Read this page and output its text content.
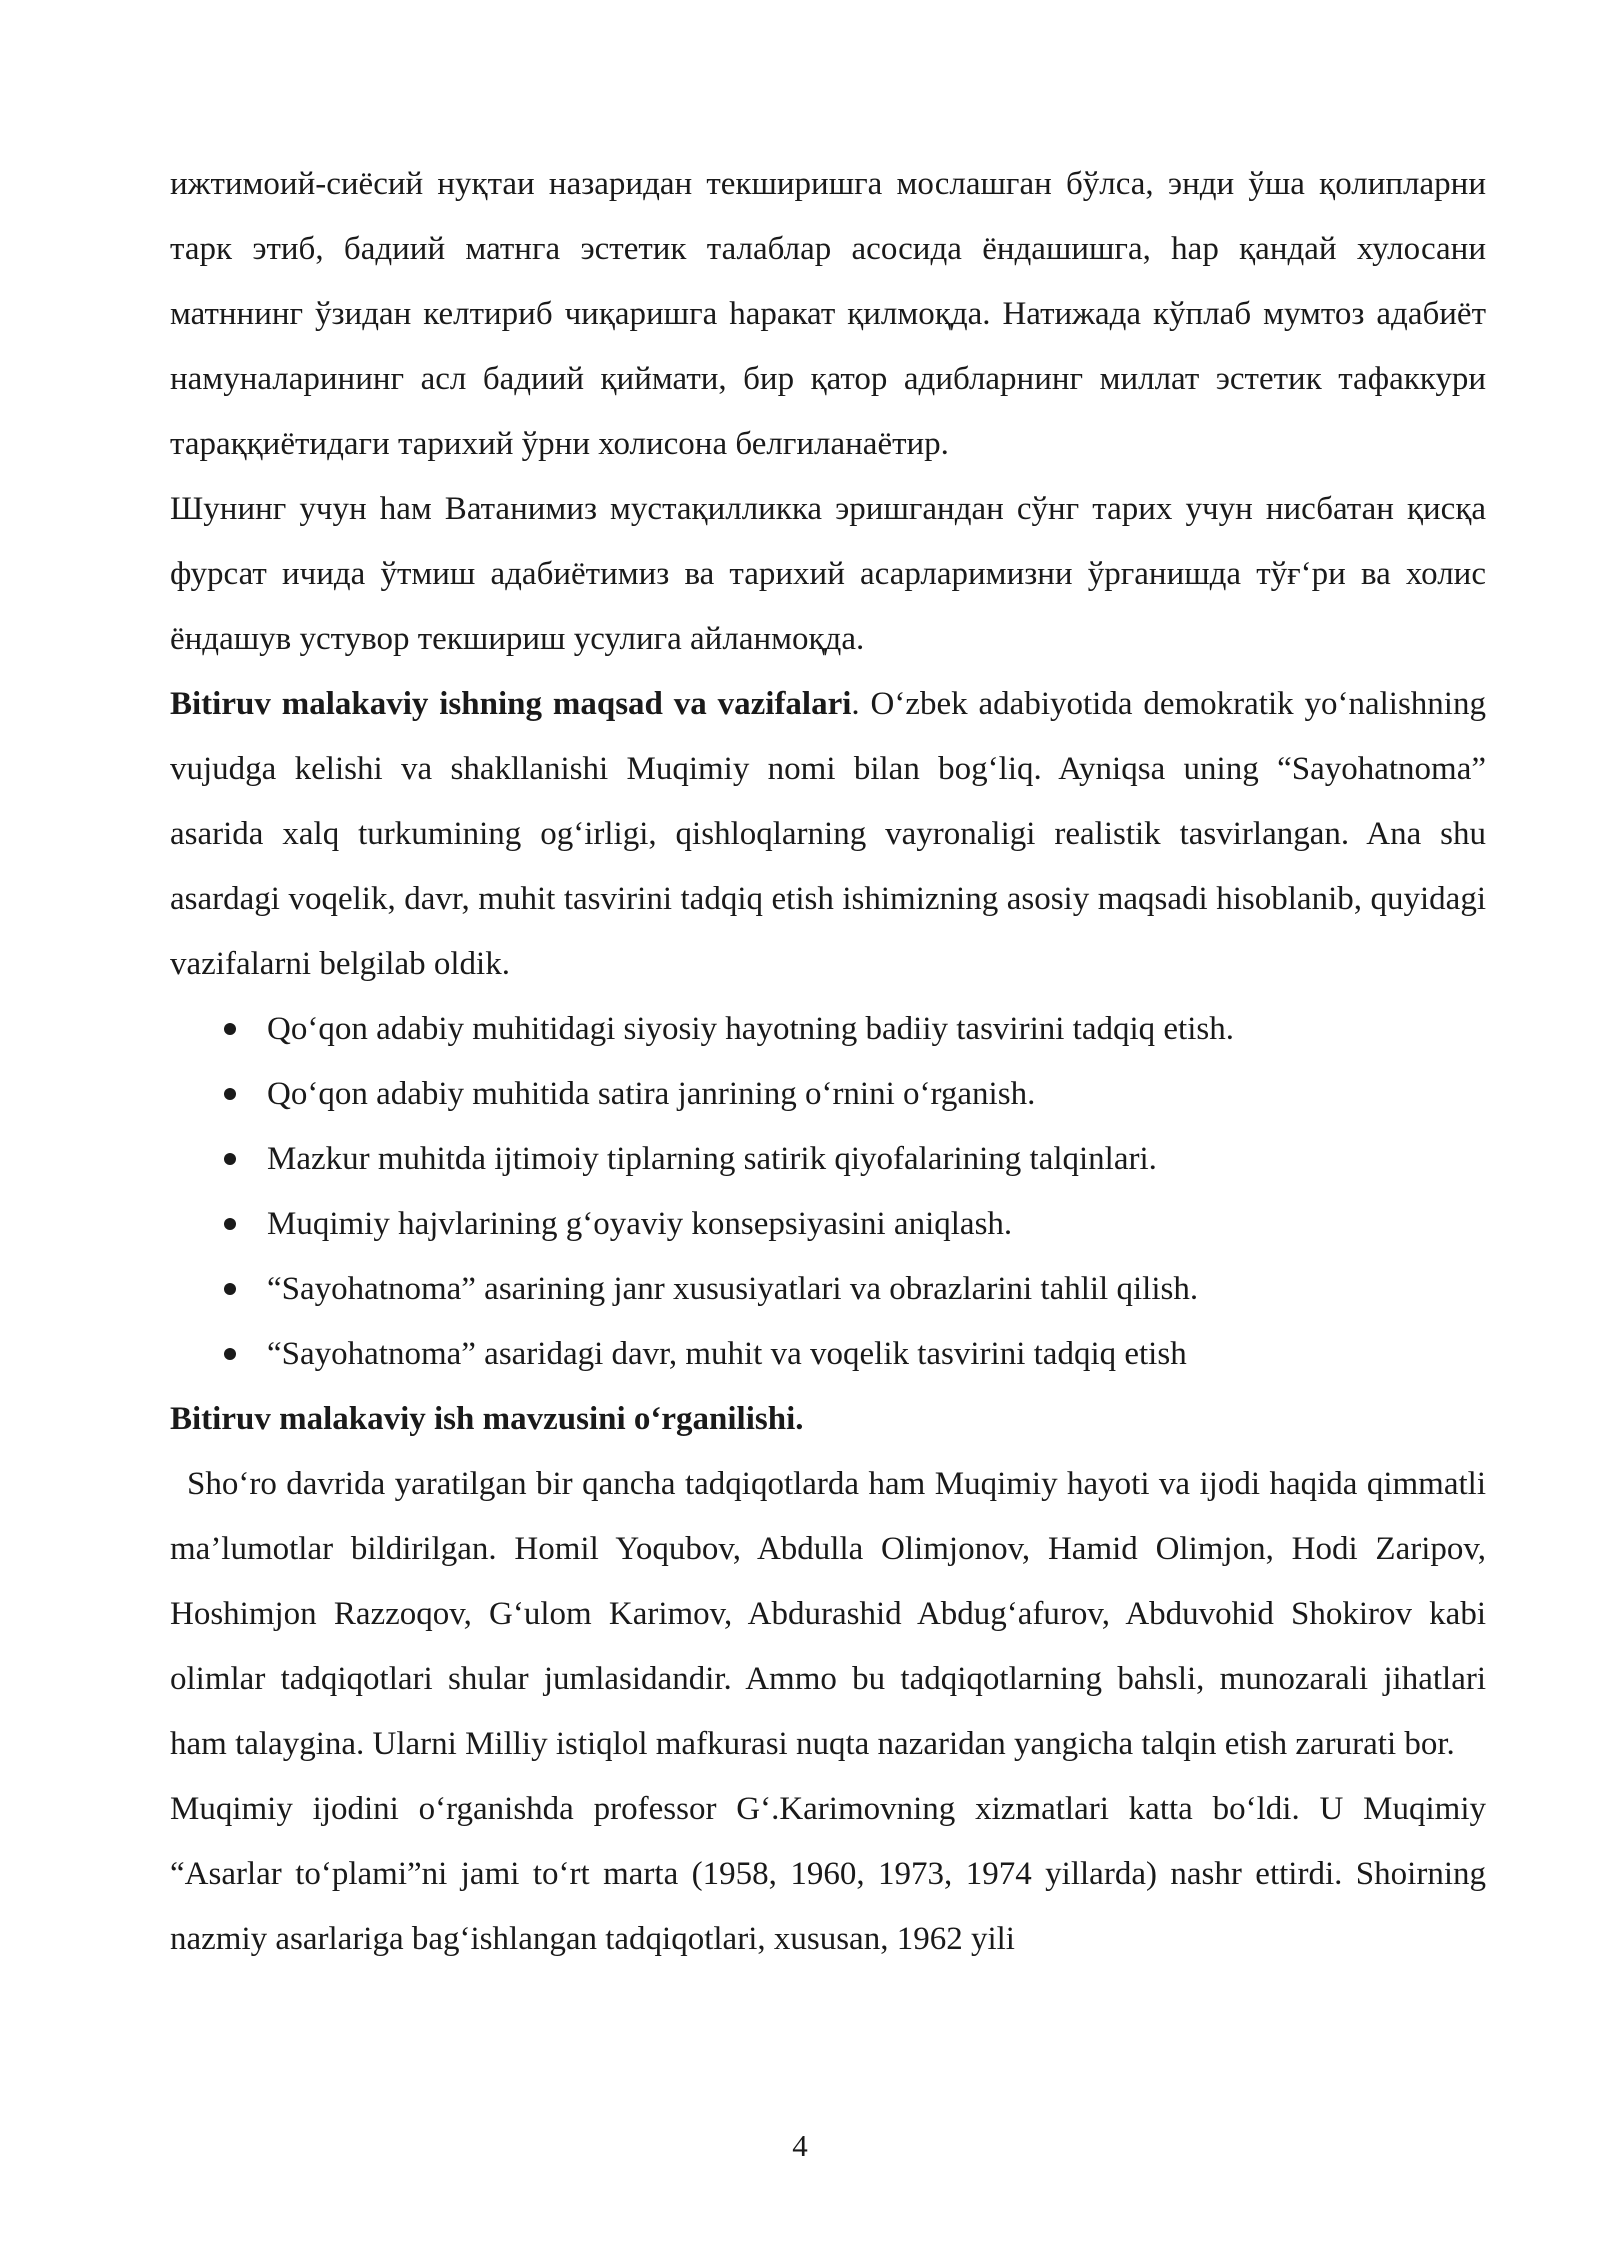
ижтимоий-сиёсий нуқтаи назаридан текширишга мослашган бўлса, энди ўша қолипларни тарк этиб, бадиий матнга эстетик талаблар асосида ёндашишга, hар қандай хулосани матннинг ўзидан келтириб чиқаришга hаракат қилмоқда. Натижада кўплаб мумтоз адабиёт намуналарининг асл бадиий қиймати, бир қатор адибларнинг миллат эстетик тафаккури тараққиётидаги тарихий ўрни холисона белгиланаётир.

Шунинг учун hам Ватанимиз мустақилликка эришгандан сўнг тарих учун нисбатан қисқа фурсат ичида ўтмиш адабиётимиз ва тарихий асарларимизни ўрганишда тўғ‘ри ва холис ёндашув устувор текшириш усулига айланмоқда.

Bitiruv malakaviy ishning maqsad va vazifalari. O‘zbek adabiyotida demokratik yo‘nalishning vujudga kelishi va shakllanishi Muqimiy nomi bilan bog‘liq. Ayniqsa uning “Sayohatnoma” asarida xalq turkumining og‘irligi, qishloqlarning vayronaligi realistik tasvirlangan. Ana shu asardagi voqelik, davr, muhit tasvirini tadqiq etish ishimizning asosiy maqsadi hisoblanib, quyidagi vazifalarni belgilab oldik.

Qo‘qon adabiy muhitidagi siyosiy hayotning badiiy tasvirini tadqiq etish.
Qo‘qon adabiy muhitida satira janrining o‘rnini o‘rganish.
Mazkur muhitda ijtimoiy tiplarning satirik qiyofalarining talqinlari.
Muqimiy hajvlarining g‘oyaviy konsepsiyasini aniqlash.
“Sayohatnoma” asarining janr xususiyatlari va obrazlarini tahlil qilish.
“Sayohatnoma” asaridagi davr, muhit va voqelik tasvirini tadqiq etish

Bitiruv malakaviy ish mavzusini o‘rganilishi.

Sho‘ro davrida yaratilgan bir qancha tadqiqotlarda ham Muqimiy hayoti va ijodi haqida qimmatli ma’lumotlar bildirilgan. Homil Yoqubov, Abdulla Olimjonov, Hamid Olimjon, Hodi Zaripov, Hoshimjon Razzoqov, G‘ulom Karimov, Abdurashid Abdug‘afurov, Abduvohid Shokirov kabi olimlar tadqiqotlari shular jumlasidandir. Ammo bu tadqiqotlarning bahsli, munozarali jihatlari ham talaygina. Ularni Milliy istiqlol mafkurasi nuqta nazaridan yangicha talqin etish zarurati bor.

Muqimiy ijodini o‘rganishda professor G‘.Karimovning xizmatlari katta bo‘ldi. U Muqimiy “Asarlar to‘plami”ni jami to‘rt marta (1958, 1960, 1973, 1974 yillarda) nashr ettirdi. Shoirning nazmiy asarlariga bag‘ishlangan tadqiqotlari, xususan, 1962 yili

4
